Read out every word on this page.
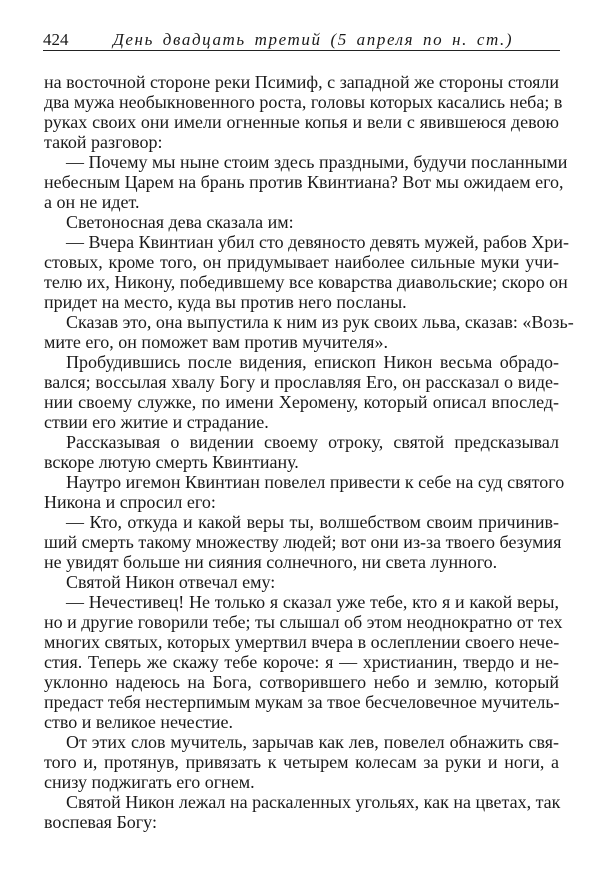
424	День двадцать третий (5 апреля по н. ст.)
на восточной стороне реки Псимиф, с западной же стороны стояли
два мужа необыкновенного роста, головы которых касались неба; в
руках своих они имели огненные копья и вели с явившеюся девою
такой разговор:
— Почему мы ныне стоим здесь праздными, будучи посланными
небесным Царем на брань против Квинтиана? Вот мы ожидаем его,
а он не идет.
Светоносная дева сказала им:
— Вчера Квинтиан убил сто девяносто девять мужей, рабов Хри-
стовых, кроме того, он придумывает наиболее сильные муки учи-
телю их, Никону, победившему все коварства диавольские; скоро он
придет на место, куда вы против него посланы.
Сказав это, она выпустила к ним из рук своих льва, сказав: «Возь-
мите его, он поможет вам против мучителя».
Пробудившись после видения, епископ Никон весьма обрадо-
вался; воссылая хвалу Богу и прославляя Его, он рассказал о виде-
нии своему служке, по имени Херомену, который описал впослед-
ствии его житие и страдание.
Рассказывая о видении своему отроку, святой предсказывал
вскоре лютую смерть Квинтиану.
Наутро игемон Квинтиан повелел привести к себе на суд святого
Никона и спросил его:
— Кто, откуда и какой веры ты, волшебством своим причинив-
ший смерть такому множеству людей; вот они из-за твоего безумия
не увидят больше ни сияния солнечного, ни света лунного.
Святой Никон отвечал ему:
— Нечестивец! Не только я сказал уже тебе, кто я и какой веры,
но и другие говорили тебе; ты слышал об этом неоднократно от тех
многих святых, которых умертвил вчера в ослеплении своего нече-
стия. Теперь же скажу тебе короче: я — христианин, твердо и не-
уклонно надеюсь на Бога, сотворившего небо и землю, который
предаст тебя нестерпимым мукам за твое бесчеловечное мучитель-
ство и великое нечестие.
От этих слов мучитель, зарычав как лев, повелел обнажить свя-
того и, протянув, привязать к четырем колесам за руки и ноги, а
снизу поджигать его огнем.
Святой Никон лежал на раскаленных угольях, как на цветах, так
воспевая Богу:
